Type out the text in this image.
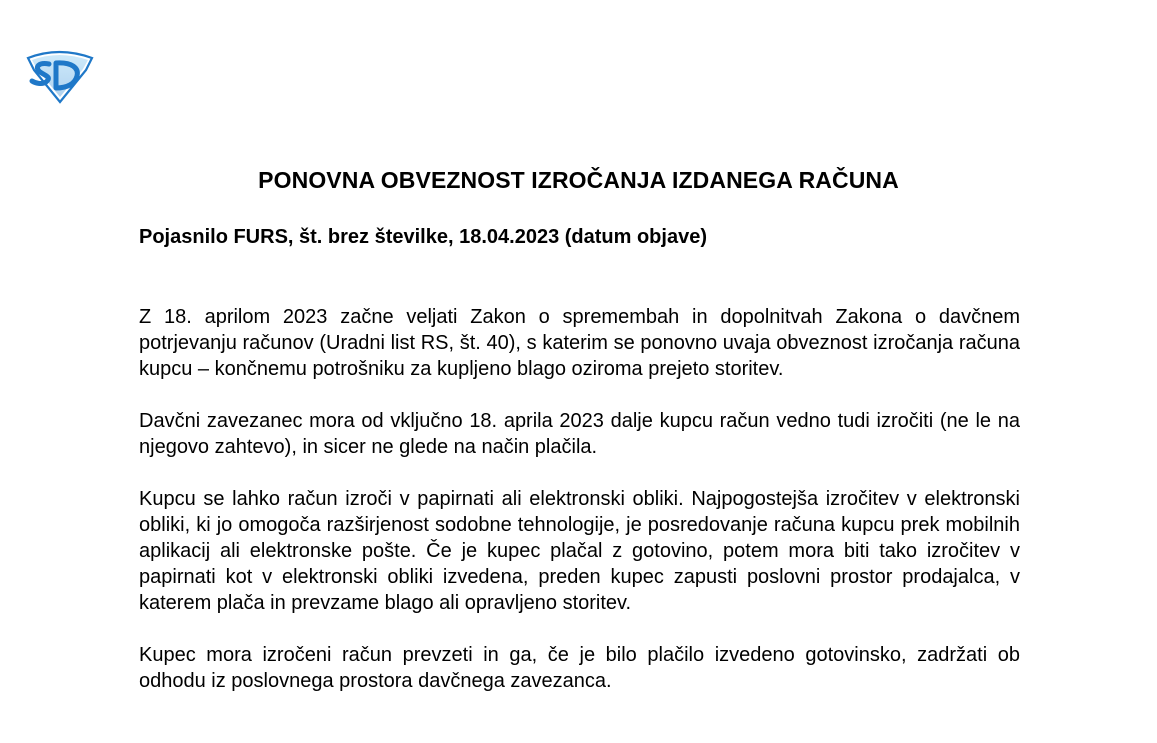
PONOVNA OBVEZNOST IZROČANJA IZDANEGA RAČUNA
Pojasnilo FURS, št. brez številke, 18.04.2023 (datum objave)

Z 18. aprilom 2023 začne veljati Zakon o spremembah in dopolnitvah Zakona o davčnem potrjevanju računov (Uradni list RS, št. 40), s katerim se ponovno uvaja obveznost izročanja računa kupcu – končnemu potrošniku za kupljeno blago oziroma prejeto storitev.

Davčni zavezanec mora od vključno 18. aprila 2023 dalje kupcu račun vedno tudi izročiti (ne le na njegovo zahtevo), in sicer ne glede na način plačila.

Kupcu se lahko račun izroči v papirnati ali elektronski obliki. Najpogostejša izročitev v elektronski obliki, ki jo omogoča razširjenost sodobne tehnologije, je posredovanje računa kupcu prek mobilnih aplikacij ali elektronske pošte. Če je kupec plačal z gotovino, potem mora biti tako izročitev v papirnati kot v elektronski obliki izvedena, preden kupec zapusti poslovni prostor prodajalca, v katerem plača in prevzame blago ali opravljeno storitev.

Kupec mora izročeni račun prevzeti in ga, če je bilo plačilo izvedeno gotovinsko, zadržati ob odhodu iz poslovnega prostora davčnega zavezanca.
